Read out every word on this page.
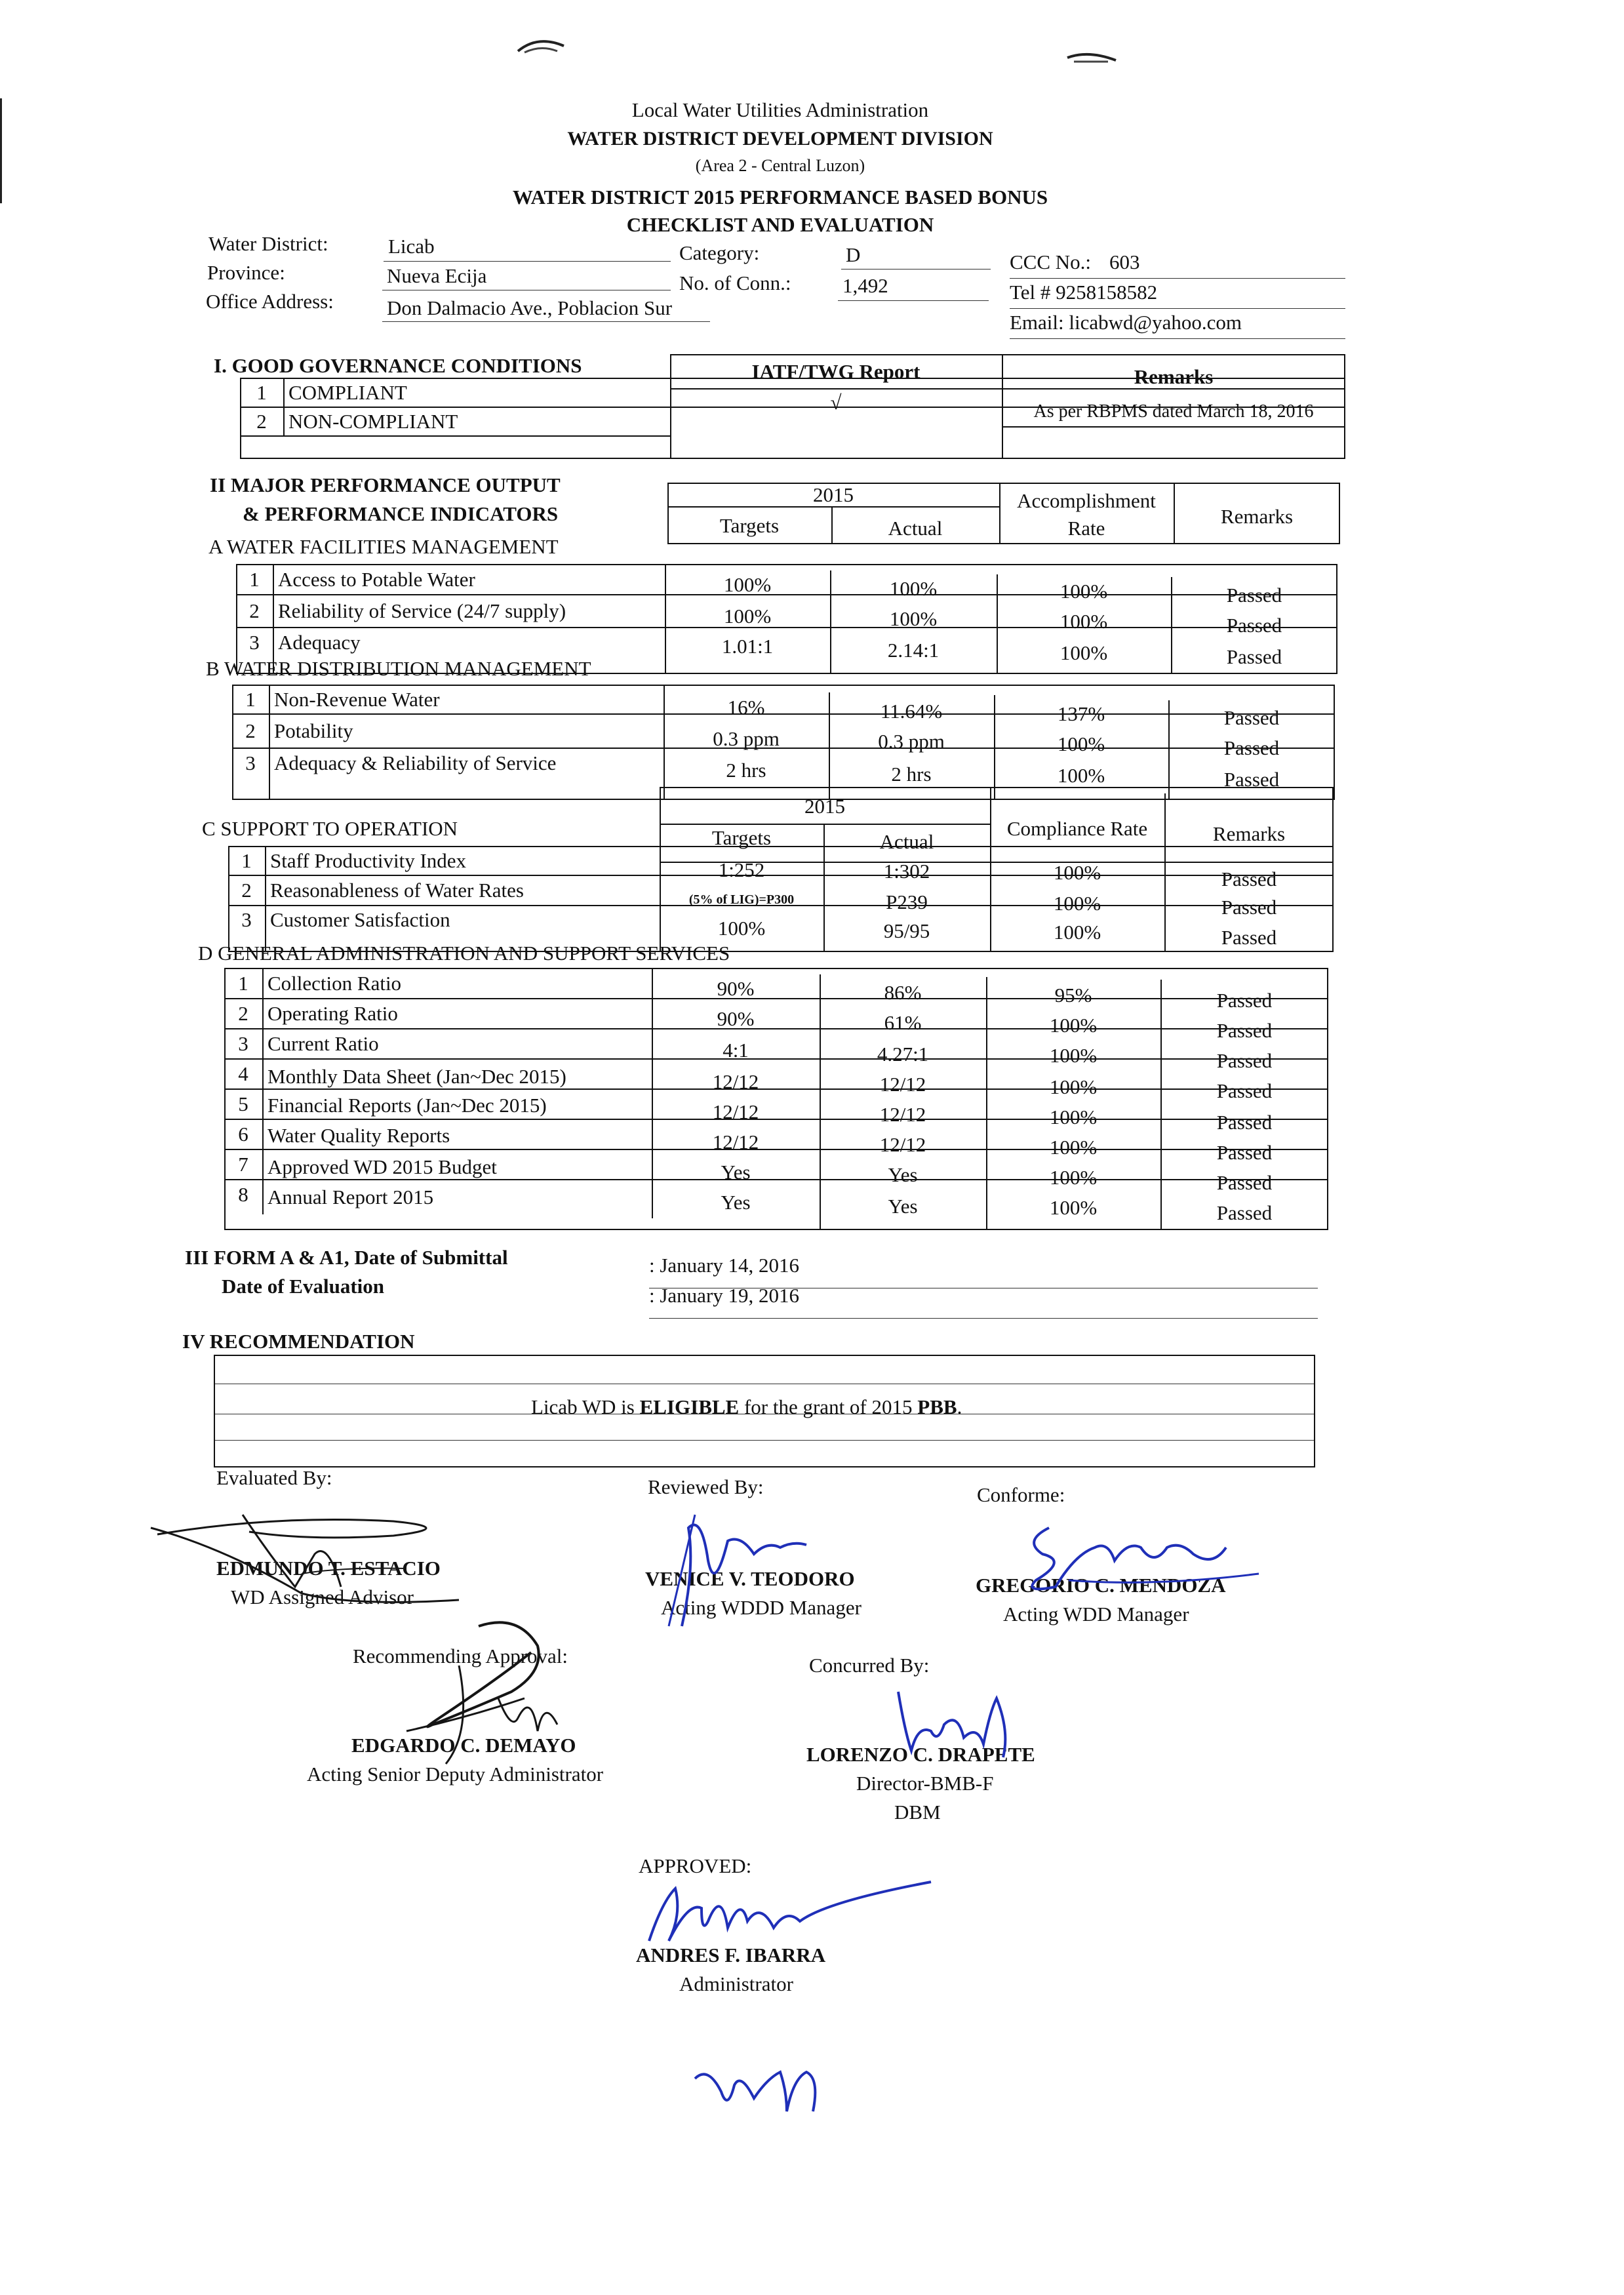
Local Water Utilities Administration
WATER DISTRICT DEVELOPMENT DIVISION
(Area 2 - Central Luzon)
WATER DISTRICT 2015 PERFORMANCE BASED BONUS
CHECKLIST AND EVALUATION
Water District:	Licab
Province:	Nueva Ecija
Office Address:	Don Dalmacio Ave., Poblacion Sur
Category:	D
No. of Conn.:	1,492
CCC No.: 603
Tel # 9258158582
Email: licabwd@yahoo.com
I. GOOD GOVERNANCE CONDITIONS	IATF/TWG Report	Remarks
1	COMPLIANT	√	As per RBPMS dated March 18, 2016
2	NON-COMPLIANT
II MAJOR PERFORMANCE OUTPUT
& PERFORMANCE INDICATORS
2015
Targets	Actual
Accomplishment
Rate
Remarks
A WATER FACILITIES MANAGEMENT
1 Access to Potable Water	100%	100%	100%	Passed
2 Reliability of Service (24/7 supply)	100%	100%	100%	Passed
3 Adequacy	1.01:1	2.14:1	100%	Passed
B WATER DISTRIBUTION MANAGEMENT
1 Non-Revenue Water	16%	11.64%	137%	Passed
2 Potability	0.3 ppm	0.3 ppm	100%	Passed
3 Adequacy & Reliability of Service	2 hrs	2 hrs	100%	Passed
2015
Targets	Actual
Compliance Rate	Remarks
C SUPPORT TO OPERATION
1 Staff Productivity Index	1:252	1:302	100%	Passed
2 Reasonableness of Water Rates	(5% of LIG)=P300	P239	100%	Passed
3 Customer Satisfaction	100%	95/95	100%	Passed
D GENERAL ADMINISTRATION AND SUPPORT SERVICES
1 Collection Ratio	90%	86%	95%	Passed
2 Operating Ratio	90%	61%	100%	Passed
3 Current Ratio	4:1	4.27:1	100%	Passed
4 Monthly Data Sheet (Jan~Dec 2015)	12/12	12/12	100%	Passed
5 Financial Reports (Jan~Dec 2015)	12/12	12/12	100%	Passed
6 Water Quality Reports	12/12	12/12	100%	Passed
7 Approved WD 2015 Budget	Yes	Yes	100%	Passed
8 Annual Report 2015	Yes	Yes	100%	Passed
III FORM A & A1, Date of Submittal
Date of Evaluation
: January 14, 2016
: January 19, 2016
IV RECOMMENDATION
Licab WD is ELIGIBLE for the grant of 2015 PBB.
Evaluated By:
EDMUNDO T. ESTACIO
WD Assigned Advisor
Reviewed By:
VENICE V. TEODORO
Acting WDDD Manager
Conforme:
GREGORIO C. MENDOZA
Acting WDD Manager
Recommending Approval:
EDGARDO C. DEMAYO
Acting Senior Deputy Administrator
Concurred By:
LORENZO C. DRAPETE
Director-BMB-F
DBM
APPROVED:
ANDRES F. IBARRA
Administrator
